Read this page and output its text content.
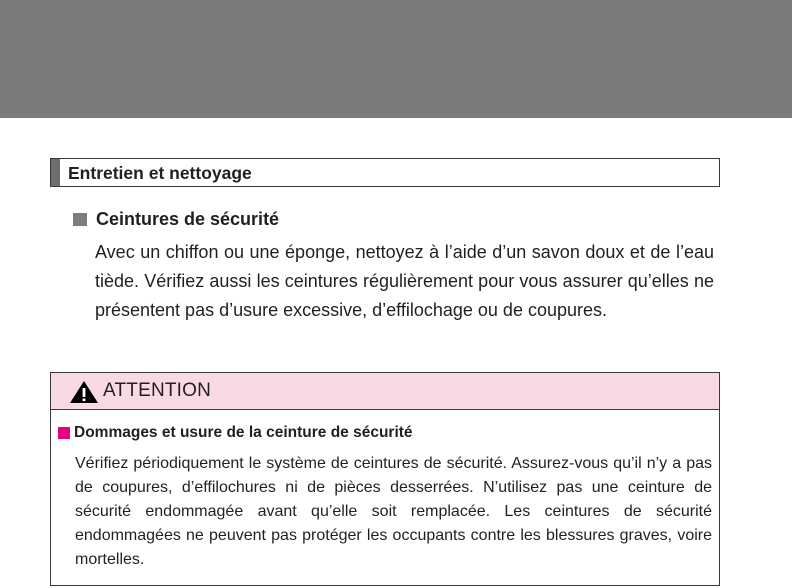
Entretien et nettoyage
Ceintures de sécurité

Avec un chiffon ou une éponge, nettoyez à l’aide d’un savon doux et de l’eau tiède. Vérifiez aussi les ceintures régulièrement pour vous assurer qu’elles ne présentent pas d’usure excessive, d’effilochage ou de coupures.

ATTENTION
Dommages et usure de la ceinture de sécurité

Vérifiez périodiquement le système de ceintures de sécurité. Assurez-vous qu’il n’y a pas de coupures, d’effilochures ni de pièces desserrées. N’utilisez pas une ceinture de sécurité endommagée avant qu’elle soit remplacée. Les ceintures de sécurité endommagées ne peuvent pas protéger les occupants contre les blessures graves, voire mortelles.
